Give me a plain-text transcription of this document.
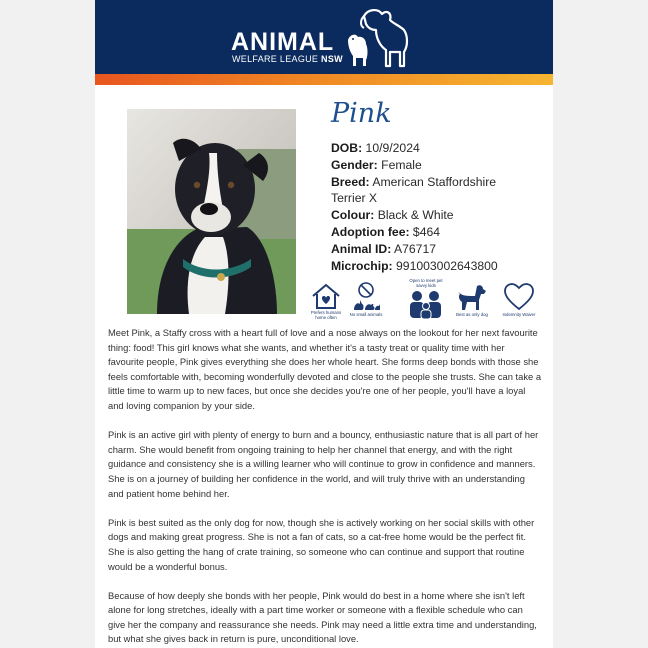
ANIMAL
WELFARE LEAGUE NSW
Pink
DOB: 10/9/2024
Gender: Female
Breed: American Staffordshire Terrier X
Colour: Black & White
Adoption fee: $464
Animal ID: A76717
Microchip: 991003002643800
Prefers humans home often
No small animals
Open to meet pet savvy kids
Best as only dog	Indemnity Waiver

Meet Pink, a Staffy cross with a heart full of love and a nose always on the lookout for her next favourite thing: food! This girl knows what she wants, and whether it's a tasty treat or quality time with her favourite people, Pink gives everything she does her whole heart. She forms deep bonds with those she feels comfortable with, becoming wonderfully devoted and close to the people she trusts. She can take a little time to warm up to new faces, but once she decides you're one of her people, you'll have a loyal and loving companion by your side.

Pink is an active girl with plenty of energy to burn and a bouncy, enthusiastic nature that is all part of her charm. She would benefit from ongoing training to help her channel that energy, and with the right guidance and consistency she is a willing learner who will continue to grow in confidence and manners. She is on a journey of building her confidence in the world, and will truly thrive with an understanding and patient home behind her.

Pink is best suited as the only dog for now, though she is actively working on her social skills with other dogs and making great progress. She is not a fan of cats, so a cat-free home would be the perfect fit. She is also getting the hang of crate training, so someone who can continue and support that routine would be a wonderful bonus.

Because of how deeply she bonds with her people, Pink would do best in a home where she isn't left alone for long stretches, ideally with a part time worker or someone with a flexible schedule who can give her the company and reassurance she needs. Pink may need a little extra time and understanding, but what she gives back in return is pure, unconditional love.
